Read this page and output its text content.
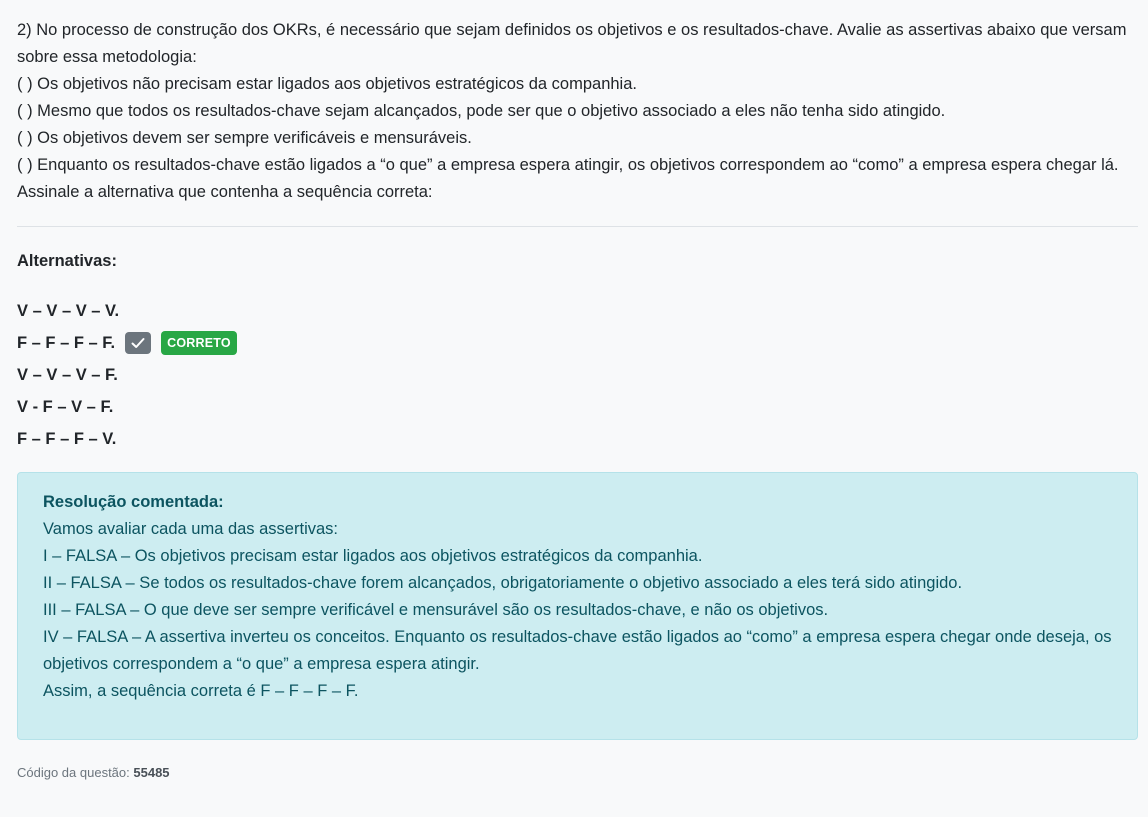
2) No processo de construção dos OKRs, é necessário que sejam definidos os objetivos e os resultados-chave. Avalie as assertivas abaixo que versam sobre essa metodologia:

( ) Os objetivos não precisam estar ligados aos objetivos estratégicos da companhia.

( ) Mesmo que todos os resultados-chave sejam alcançados, pode ser que o objetivo associado a eles não tenha sido atingido.

( ) Os objetivos devem ser sempre verificáveis e mensuráveis.

( ) Enquanto os resultados-chave estão ligados a “o que” a empresa espera atingir, os objetivos correspondem ao “como” a empresa espera chegar lá.

Assinale a alternativa que contenha a sequência correta:

Alternativas:
V – V – V – V.
F – F – F – F.	CORRETO
V – V – V – F.
V - F – V – F.
F – F – F – V.
Resolução comentada:

Vamos avaliar cada uma das assertivas:

I – FALSA – Os objetivos precisam estar ligados aos objetivos estratégicos da companhia.

II – FALSA – Se todos os resultados-chave forem alcançados, obrigatoriamente o objetivo associado a eles terá sido atingido.

III – FALSA – O que deve ser sempre verificável e mensurável são os resultados-chave, e não os objetivos.

IV – FALSA – A assertiva inverteu os conceitos. Enquanto os resultados-chave estão ligados ao “como” a empresa espera chegar onde deseja, os objetivos correspondem a “o que” a empresa espera atingir.

Assim, a sequência correta é F – F – F – F.

Código da questão: 55485
